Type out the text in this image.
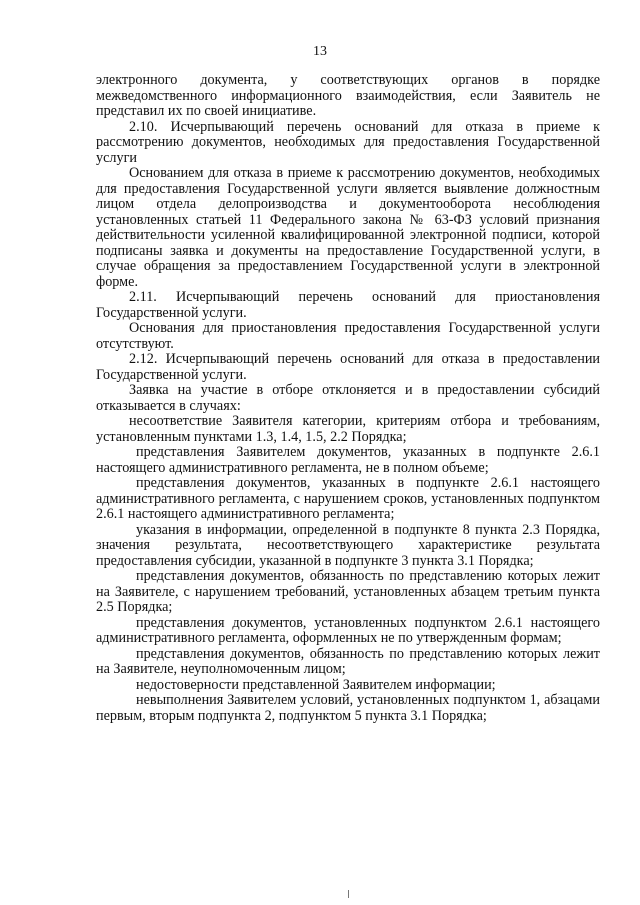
13

электронного документа, у соответствующих органов в порядке межведомственного информационного взаимодействия, если Заявитель не представил их по своей инициативе.

2.10. Исчерпывающий перечень оснований для отказа в приеме к рассмотрению документов, необходимых для предоставления Государственной услуги

Основанием для отказа в приеме к рассмотрению документов, необходимых для предоставления Государственной услуги является выявление должностным лицом отдела делопроизводства и документооборота несоблюдения установленных статьей 11 Федерального закона № 63-ФЗ условий признания действительности усиленной квалифицированной электронной подписи, которой подписаны заявка и документы на предоставление Государственной услуги, в случае обращения за предоставлением Государственной услуги в электронной форме.

2.11. Исчерпывающий перечень оснований для приостановления Государственной услуги.

Основания для приостановления предоставления Государственной услуги отсутствуют.

2.12. Исчерпывающий перечень оснований для отказа в предоставлении Государственной услуги.

Заявка на участие в отборе отклоняется и в предоставлении субсидий отказывается в случаях:

несоответствие Заявителя категории, критериям отбора и требованиям, установленным пунктами 1.3, 1.4, 1.5, 2.2 Порядка;

представления Заявителем документов, указанных в подпункте 2.6.1 настоящего административного регламента, не в полном объеме;

представления документов, указанных в подпункте 2.6.1 настоящего административного регламента, с нарушением сроков, установленных подпунктом 2.6.1 настоящего административного регламента;

указания в информации, определенной в подпункте 8 пункта 2.3 Порядка, значения результата, несоответствующего характеристике результата предоставления субсидии, указанной в подпункте 3 пункта 3.1 Порядка;

представления документов, обязанность по представлению которых лежит на Заявителе, с нарушением требований, установленных абзацем третьим пункта 2.5 Порядка;

представления документов, установленных подпунктом 2.6.1 настоящего административного регламента, оформленных не по утвержденным формам;

представления документов, обязанность по представлению которых лежит на Заявителе, неуполномоченным лицом;

недостоверности представленной Заявителем информации;

невыполнения Заявителем условий, установленных подпунктом 1, абзацами первым, вторым подпункта 2, подпунктом 5 пункта 3.1 Порядка;
